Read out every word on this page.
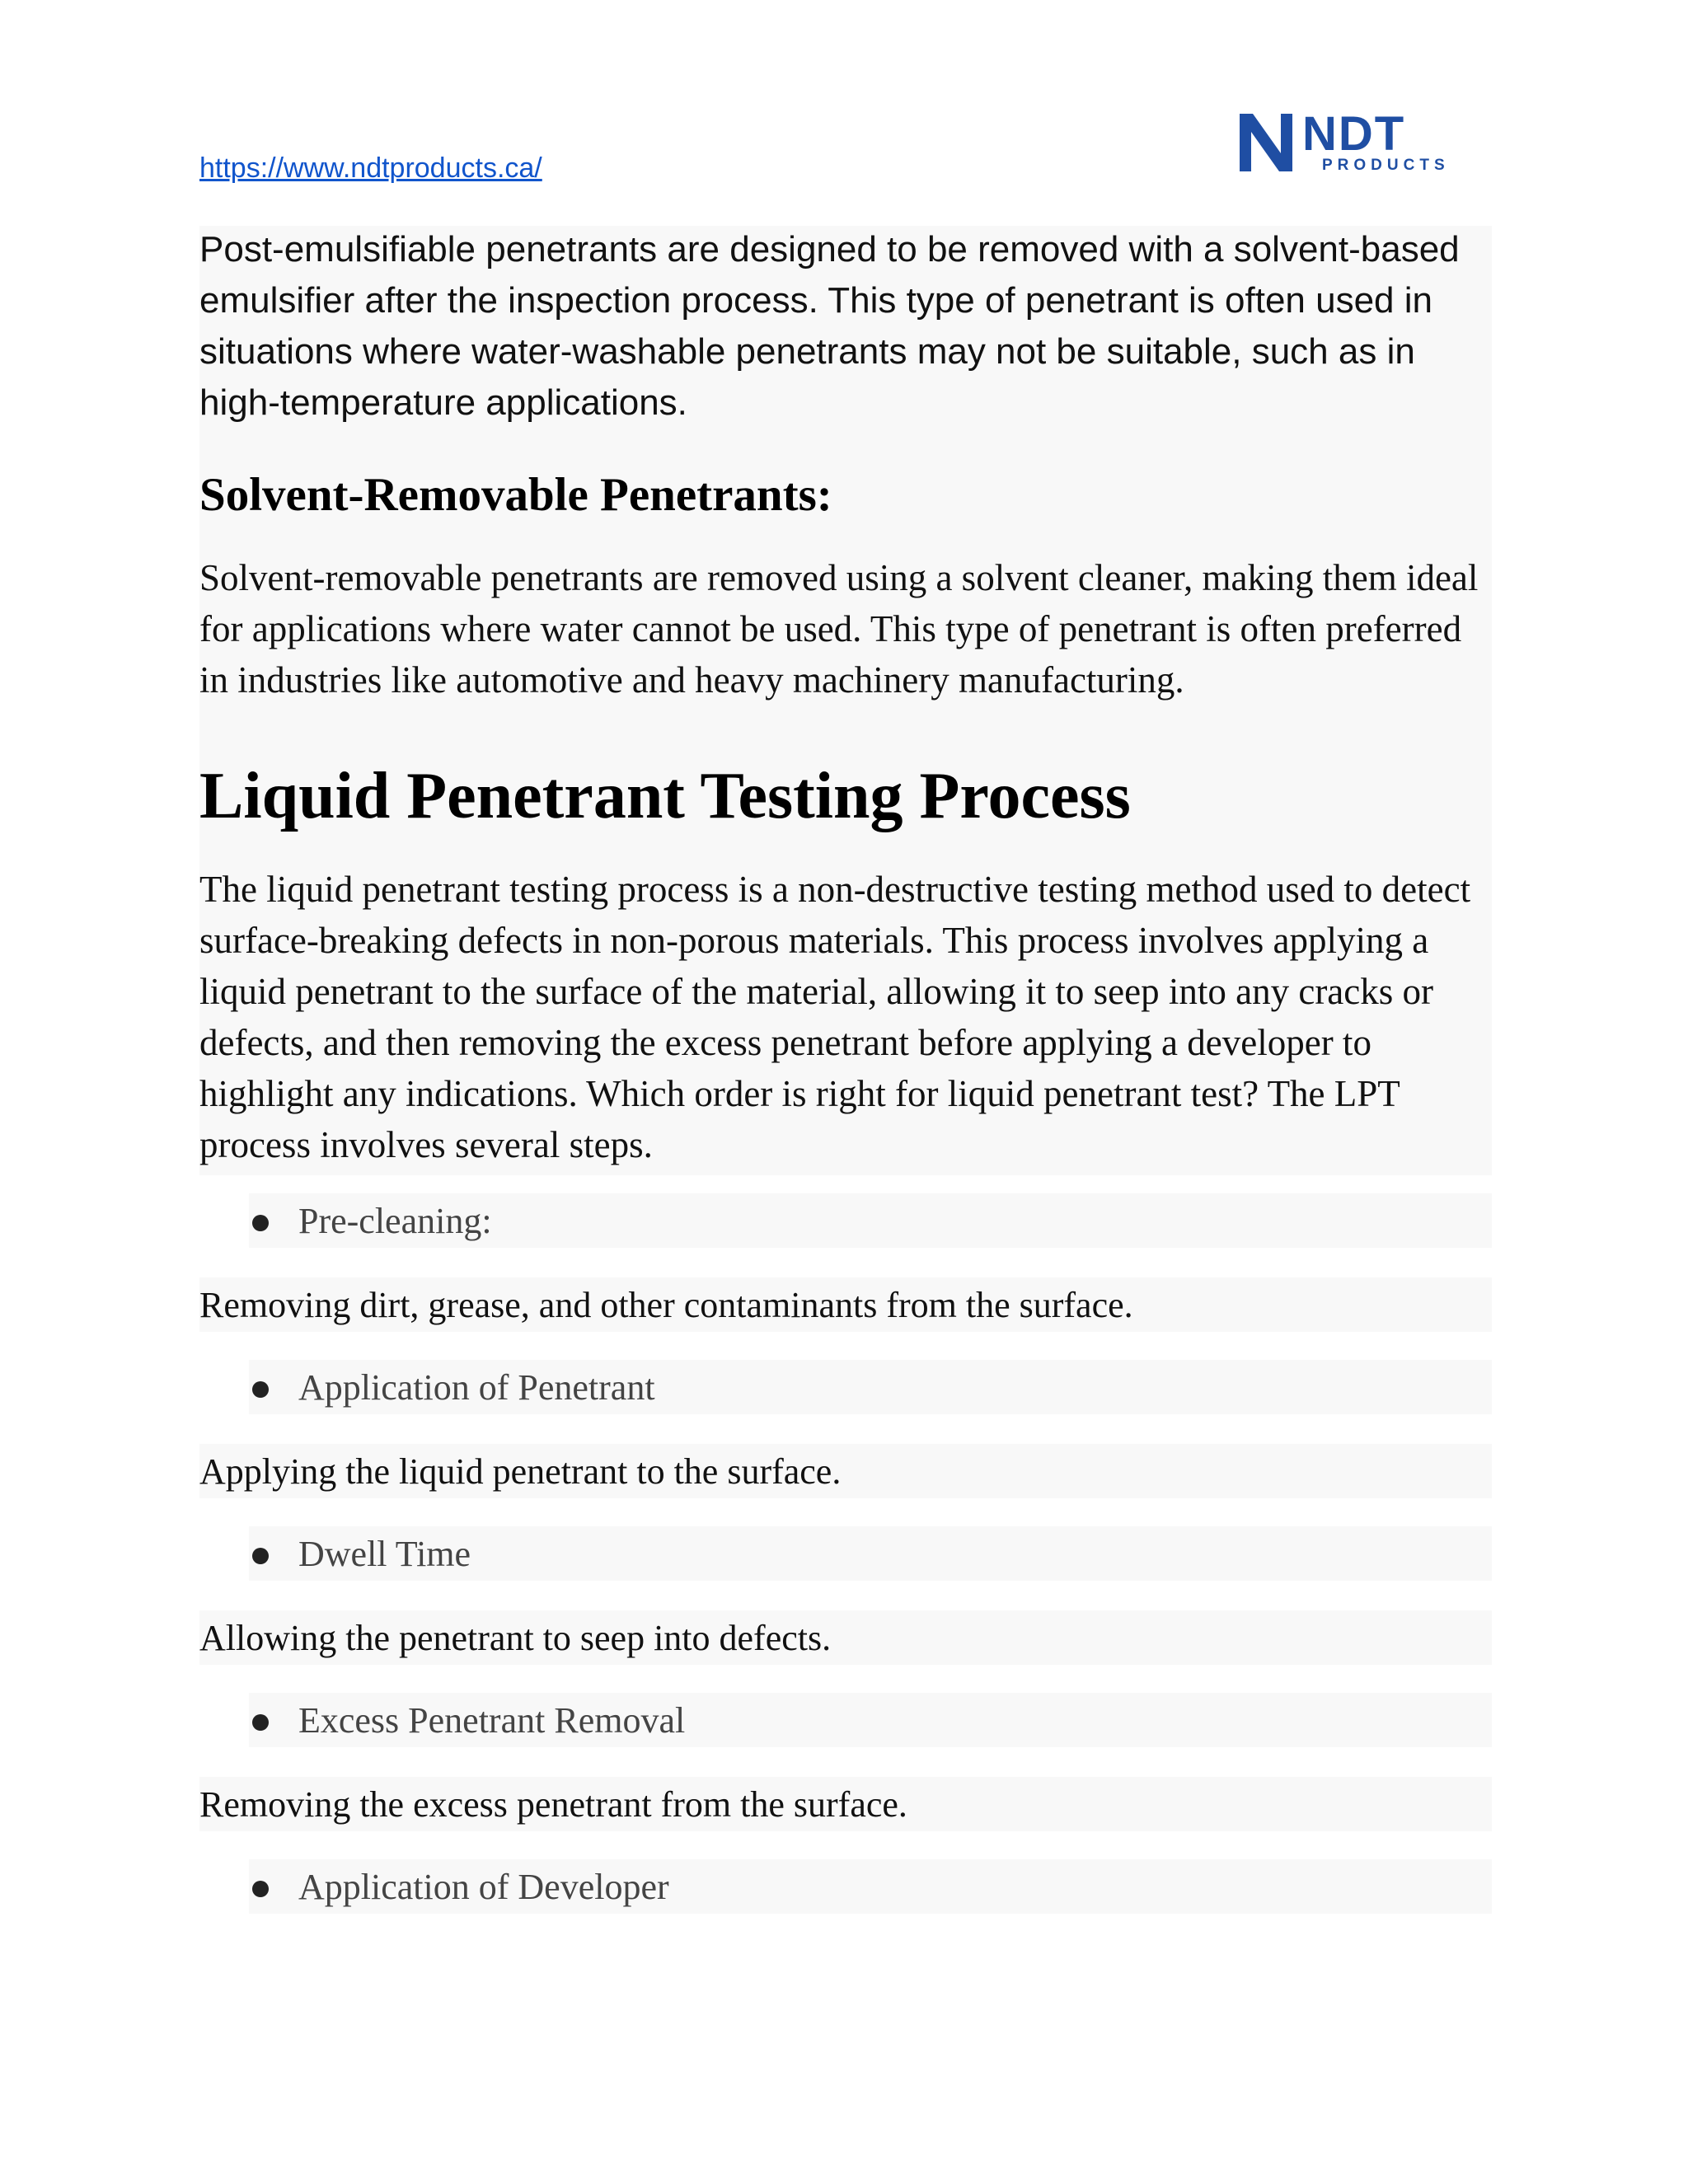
https://www.ndtproducts.ca/
NDT
PRODUCTS

Post-emulsifiable penetrants are designed to be removed with a solvent-based emulsifier after the inspection process. This type of penetrant is often used in situations where water-washable penetrants may not be suitable, such as in high-temperature applications.

Solvent-Removable Penetrants:

Solvent-removable penetrants are removed using a solvent cleaner, making them ideal for applications where water cannot be used. This type of penetrant is often preferred in industries like automotive and heavy machinery manufacturing.

Liquid Penetrant Testing Process

The liquid penetrant testing process is a non-destructive testing method used to detect surface-breaking defects in non-porous materials. This process involves applying a liquid penetrant to the surface of the material, allowing it to seep into any cracks or defects, and then removing the excess penetrant before applying a developer to highlight any indications. Which order is right for liquid penetrant test? The LPT process involves several steps.

Pre-cleaning:
Removing dirt, grease, and other contaminants from the surface.
Application of Penetrant
Applying the liquid penetrant to the surface.
Dwell Time
Allowing the penetrant to seep into defects.
Excess Penetrant Removal
Removing the excess penetrant from the surface.
Application of Developer
